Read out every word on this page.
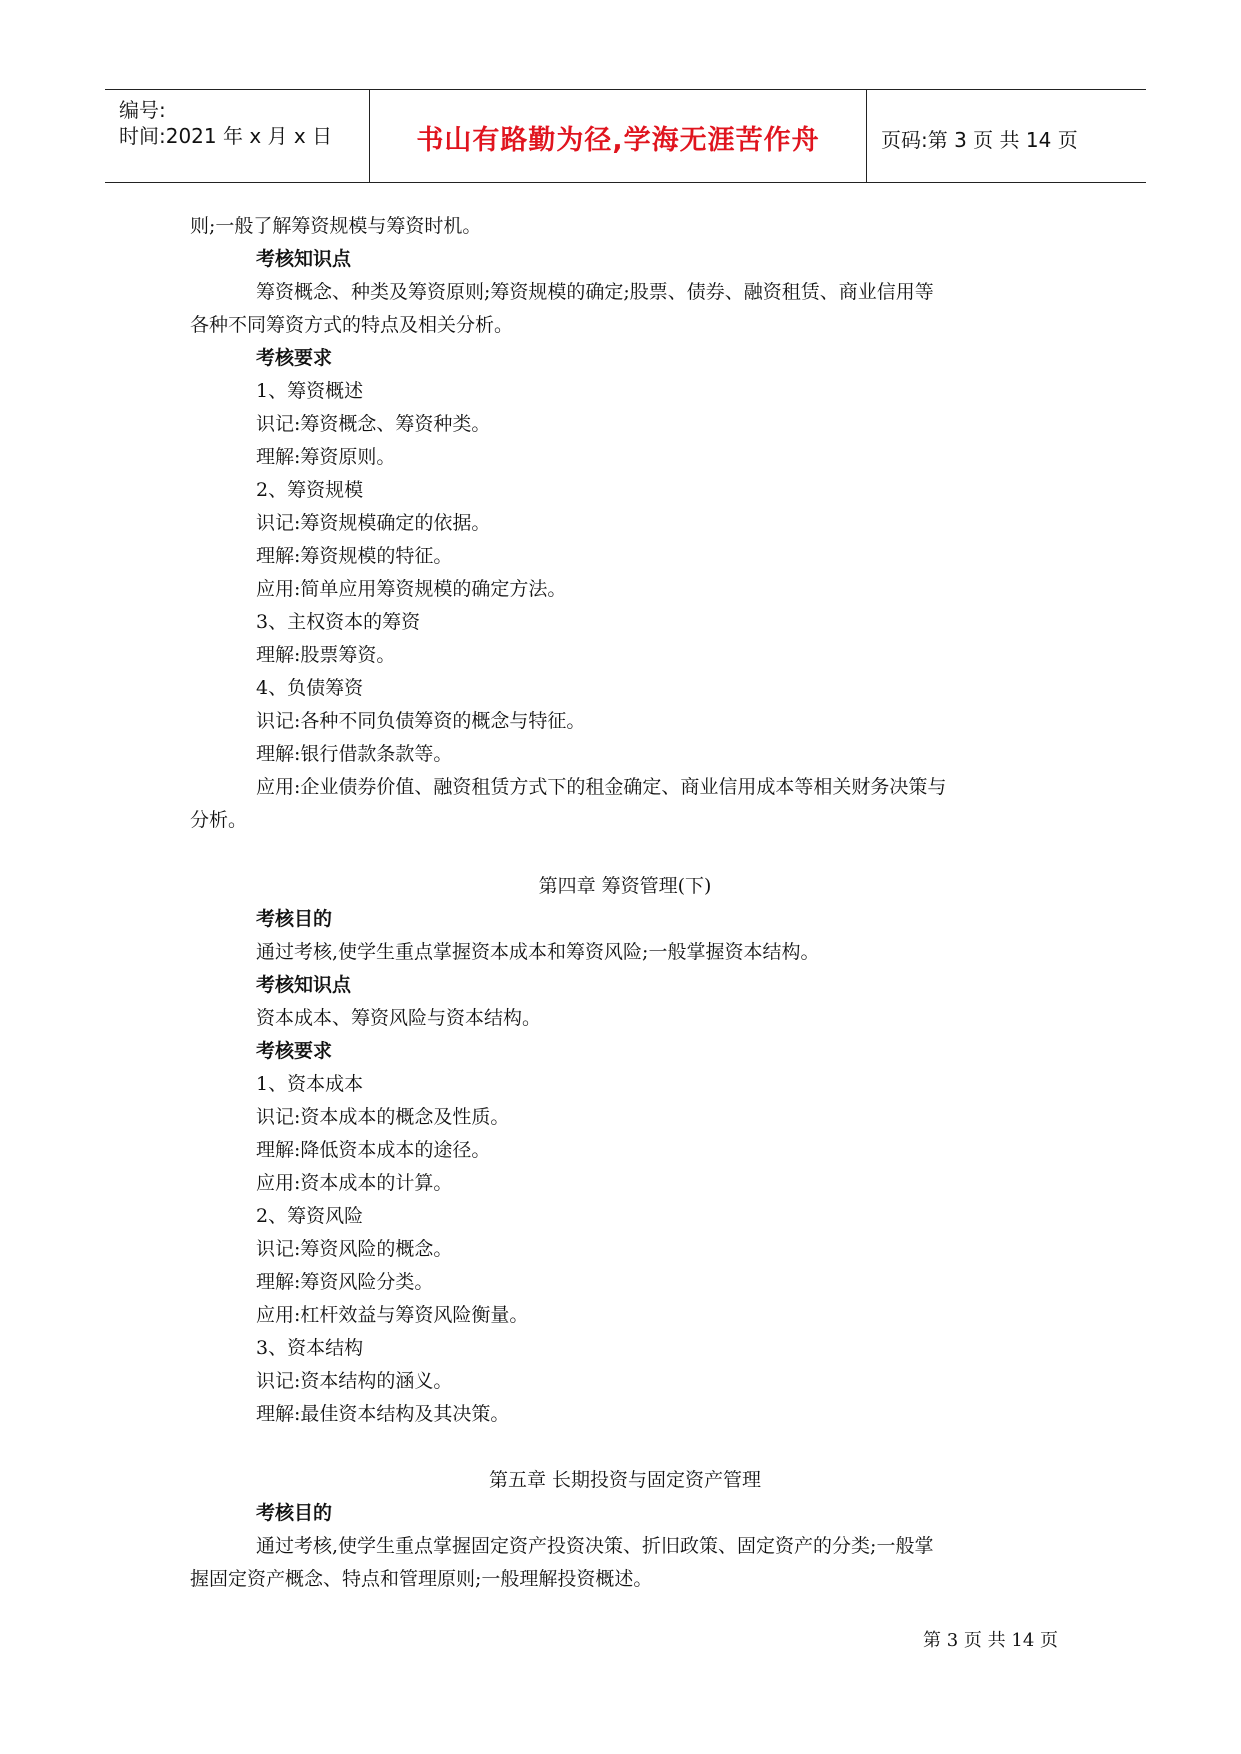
编号:
时间:2021 年 x 月 x 日	书山有路勤为径,学海无涯苦作舟	页码:第 3 页 共 14 页
则;一般了解筹资规模与筹资时机。
考核知识点
筹资概念、种类及筹资原则;筹资规模的确定;股票、债券、融资租赁、商业信用等
各种不同筹资方式的特点及相关分析。
考核要求
1、筹资概述
识记:筹资概念、筹资种类。
理解:筹资原则。
2、筹资规模
识记:筹资规模确定的依据。
理解:筹资规模的特征。
应用:简单应用筹资规模的确定方法。
3、主权资本的筹资
理解:股票筹资。
4、负债筹资
识记:各种不同负债筹资的概念与特征。
理解:银行借款条款等。
应用:企业债券价值、融资租赁方式下的租金确定、商业信用成本等相关财务决策与
分析。
第四章 筹资管理(下)
考核目的
通过考核,使学生重点掌握资本成本和筹资风险;一般掌握资本结构。
考核知识点
资本成本、筹资风险与资本结构。
考核要求
1、资本成本
识记:资本成本的概念及性质。
理解:降低资本成本的途径。
应用:资本成本的计算。
2、筹资风险
识记:筹资风险的概念。
理解:筹资风险分类。
应用:杠杆效益与筹资风险衡量。
3、资本结构
识记:资本结构的涵义。
理解:最佳资本结构及其决策。
第五章 长期投资与固定资产管理
考核目的
通过考核,使学生重点掌握固定资产投资决策、折旧政策、固定资产的分类;一般掌
握固定资产概念、特点和管理原则;一般理解投资概述。
第 3 页 共 14 页
